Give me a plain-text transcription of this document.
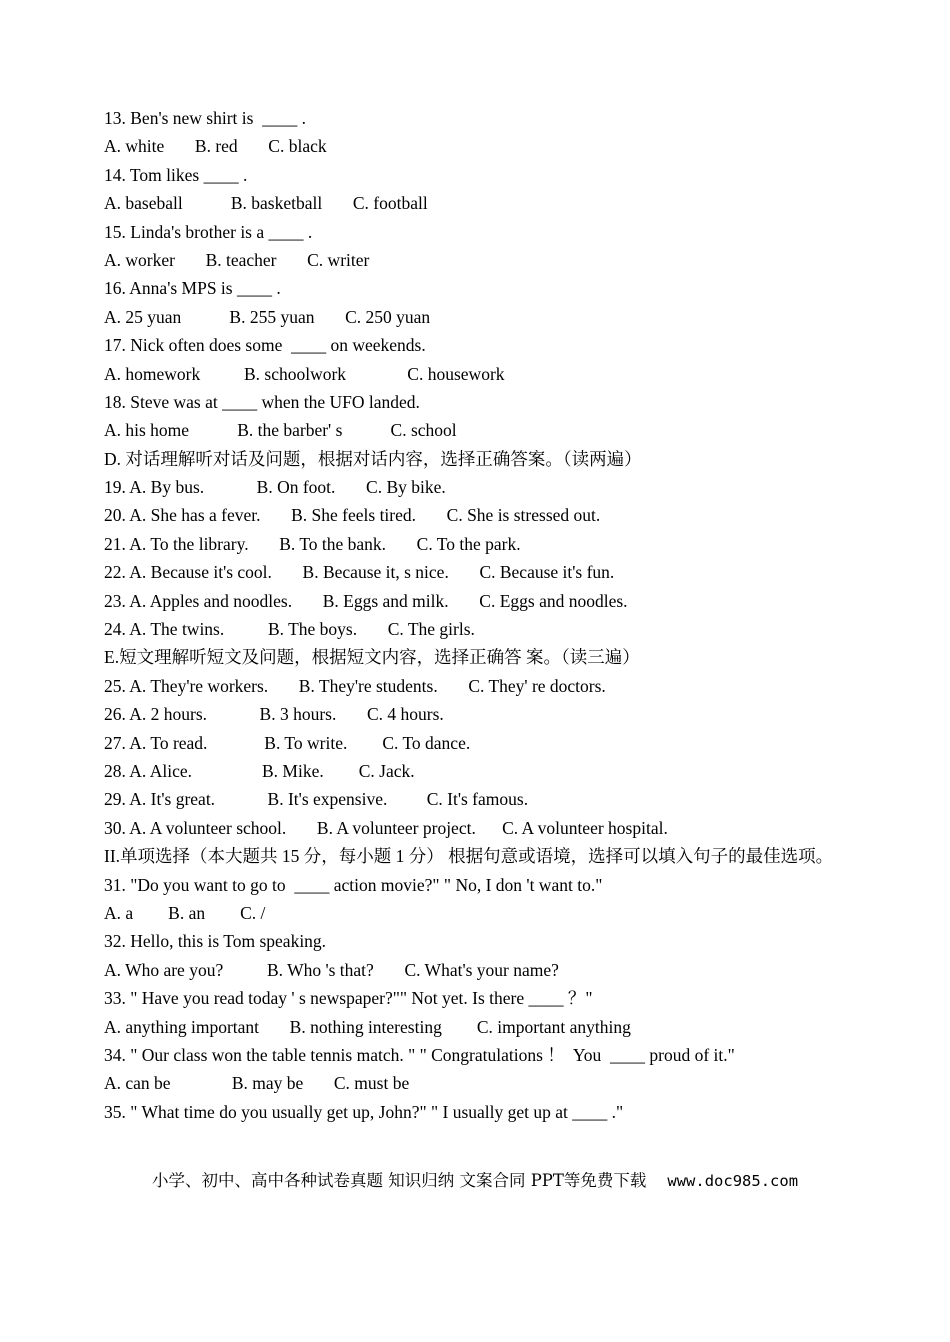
13. Ben's new shirt is  ____ .
A. white       B. red       C. black
14. Tom likes ____ .
A. baseball           B. basketball       C. football
15. Linda's brother is a ____ .
A. worker       B. teacher       C. writer
16. Anna's MPS is ____ .
A. 25 yuan           B. 255 yuan       C. 250 yuan
17. Nick often does some  ____ on weekends.
A. homework          B. schoolwork              C. housework
18. Steve was at ____ when the UFO landed.
A. his home           B. the barber' s           C. school
D. 对话理解听对话及问题，根据对话内容，选择正确答案。（读两遍）
19. A. By bus.            B. On foot.       C. By bike.
20. A. She has a fever.       B. She feels tired.       C. She is stressed out.
21. A. To the library.       B. To the bank.       C. To the park.
22. A. Because it's cool.       B. Because it, s nice.       C. Because it's fun.
23. A. Apples and noodles.       B. Eggs and milk.       C. Eggs and noodles.
24. A. The twins.          B. The boys.       C. The girls.
E.短文理解听短文及问题，根据短文内容，选择正确答 案。（读三遍）
25. A. They're workers.       B. They're students.       C. They' re doctors.
26. A. 2 hours.            B. 3 hours.       C. 4 hours.
27. A. To read.             B. To write.        C. To dance.
28. A. Alice.                B. Mike.        C. Jack.
29. A. It's great.            B. It's expensive.         C. It's famous.
30. A. A volunteer school.       B. A volunteer project.      C. A volunteer hospital.
II.单项选择（本大题共 15 分，每小题 1 分） 根据句意或语境，选择可以填入句子的最佳选项。
31. "Do you want to go to  ____ action movie?" " No, I don 't want to."
A. a        B. an        C. /
32. Hello, this is Tom speaking.
A. Who are you?          B. Who 's that?       C. What's your name?
33. " Have you read today ' s newspaper?"" Not yet. Is there ____ ？"
A. anything important       B. nothing interesting        C. important anything
34. " Our class won the table tennis match. " " Congratulations ！  You  ____ proud of it."
A. can be              B. may be       C. must be
35. " What time do you usually get up, John?" " I usually get up at ____ ."
小学、初中、高中各种试卷真题 知识归纳 文案合同 PPT等免费下载 www.doc985.com
